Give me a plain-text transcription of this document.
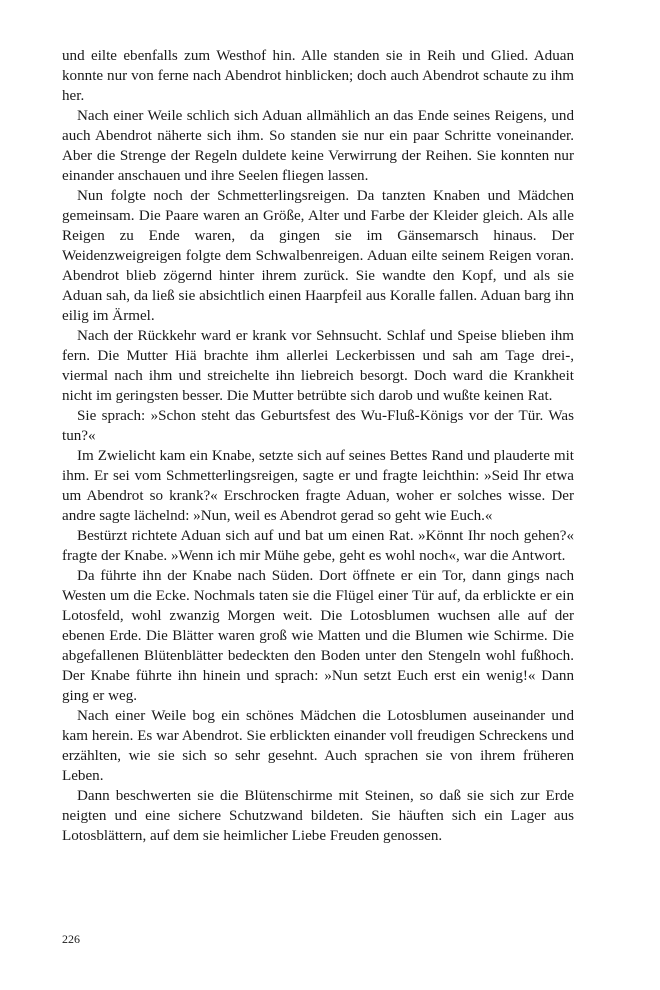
und eilte ebenfalls zum Westhof hin. Alle standen sie in Reih und Glied. Aduan konnte nur von ferne nach Abendrot hinblicken; doch auch Abendrot schaute zu ihm her.

Nach einer Weile schlich sich Aduan allmählich an das Ende seines Reigens, und auch Abendrot näherte sich ihm. So standen sie nur ein paar Schritte voneinander. Aber die Strenge der Regeln duldete keine Verwirrung der Reihen. Sie konnten nur einander anschauen und ihre Seelen fliegen lassen.

Nun folgte noch der Schmetterlingsreigen. Da tanzten Knaben und Mädchen gemeinsam. Die Paare waren an Größe, Alter und Farbe der Kleider gleich. Als alle Reigen zu Ende waren, da gingen sie im Gänsemarsch hinaus. Der Weidenzweigreigen folgte dem Schwalbenreigen. Aduan eilte seinem Reigen voran. Abendrot blieb zögernd hinter ihrem zurück. Sie wandte den Kopf, und als sie Aduan sah, da ließ sie absichtlich einen Haarpfeil aus Koralle fallen. Aduan barg ihn eilig im Ärmel.

Nach der Rückkehr ward er krank vor Sehnsucht. Schlaf und Speise blieben ihm fern. Die Mutter Hiä brachte ihm allerlei Leckerbissen und sah am Tage drei-, viermal nach ihm und streichelte ihn liebreich besorgt. Doch ward die Krankheit nicht im geringsten besser. Die Mutter betrübte sich darob und wußte keinen Rat.

Sie sprach: »Schon steht das Geburtsfest des Wu-Fluß-Königs vor der Tür. Was tun?«

Im Zwielicht kam ein Knabe, setzte sich auf seines Bettes Rand und plauderte mit ihm. Er sei vom Schmetterlingsreigen, sagte er und fragte leichthin: »Seid Ihr etwa um Abendrot so krank?« Erschrocken fragte Aduan, woher er solches wisse. Der andre sagte lächelnd: »Nun, weil es Abendrot gerad so geht wie Euch.«

Bestürzt richtete Aduan sich auf und bat um einen Rat. »Könnt Ihr noch gehen?« fragte der Knabe. »Wenn ich mir Mühe gebe, geht es wohl noch«, war die Antwort.

Da führte ihn der Knabe nach Süden. Dort öffnete er ein Tor, dann gings nach Westen um die Ecke. Nochmals taten sie die Flügel einer Tür auf, da erblickte er ein Lotosfeld, wohl zwanzig Morgen weit. Die Lotosblumen wuchsen alle auf der ebenen Erde. Die Blätter waren groß wie Matten und die Blumen wie Schirme. Die abgefallenen Blütenblätter bedeckten den Boden unter den Stengeln wohl fußhoch. Der Knabe führte ihn hinein und sprach: »Nun setzt Euch erst ein wenig!« Dann ging er weg.

Nach einer Weile bog ein schönes Mädchen die Lotosblumen auseinander und kam herein. Es war Abendrot. Sie erblickten einander voll freudigen Schreckens und erzählten, wie sie sich so sehr gesehnt. Auch sprachen sie von ihrem früheren Leben.

Dann beschwerten sie die Blütenschirme mit Steinen, so daß sie sich zur Erde neigten und eine sichere Schutzwand bildeten. Sie häuften sich ein Lager aus Lotosblättern, auf dem sie heimlicher Liebe Freuden genossen.

226
